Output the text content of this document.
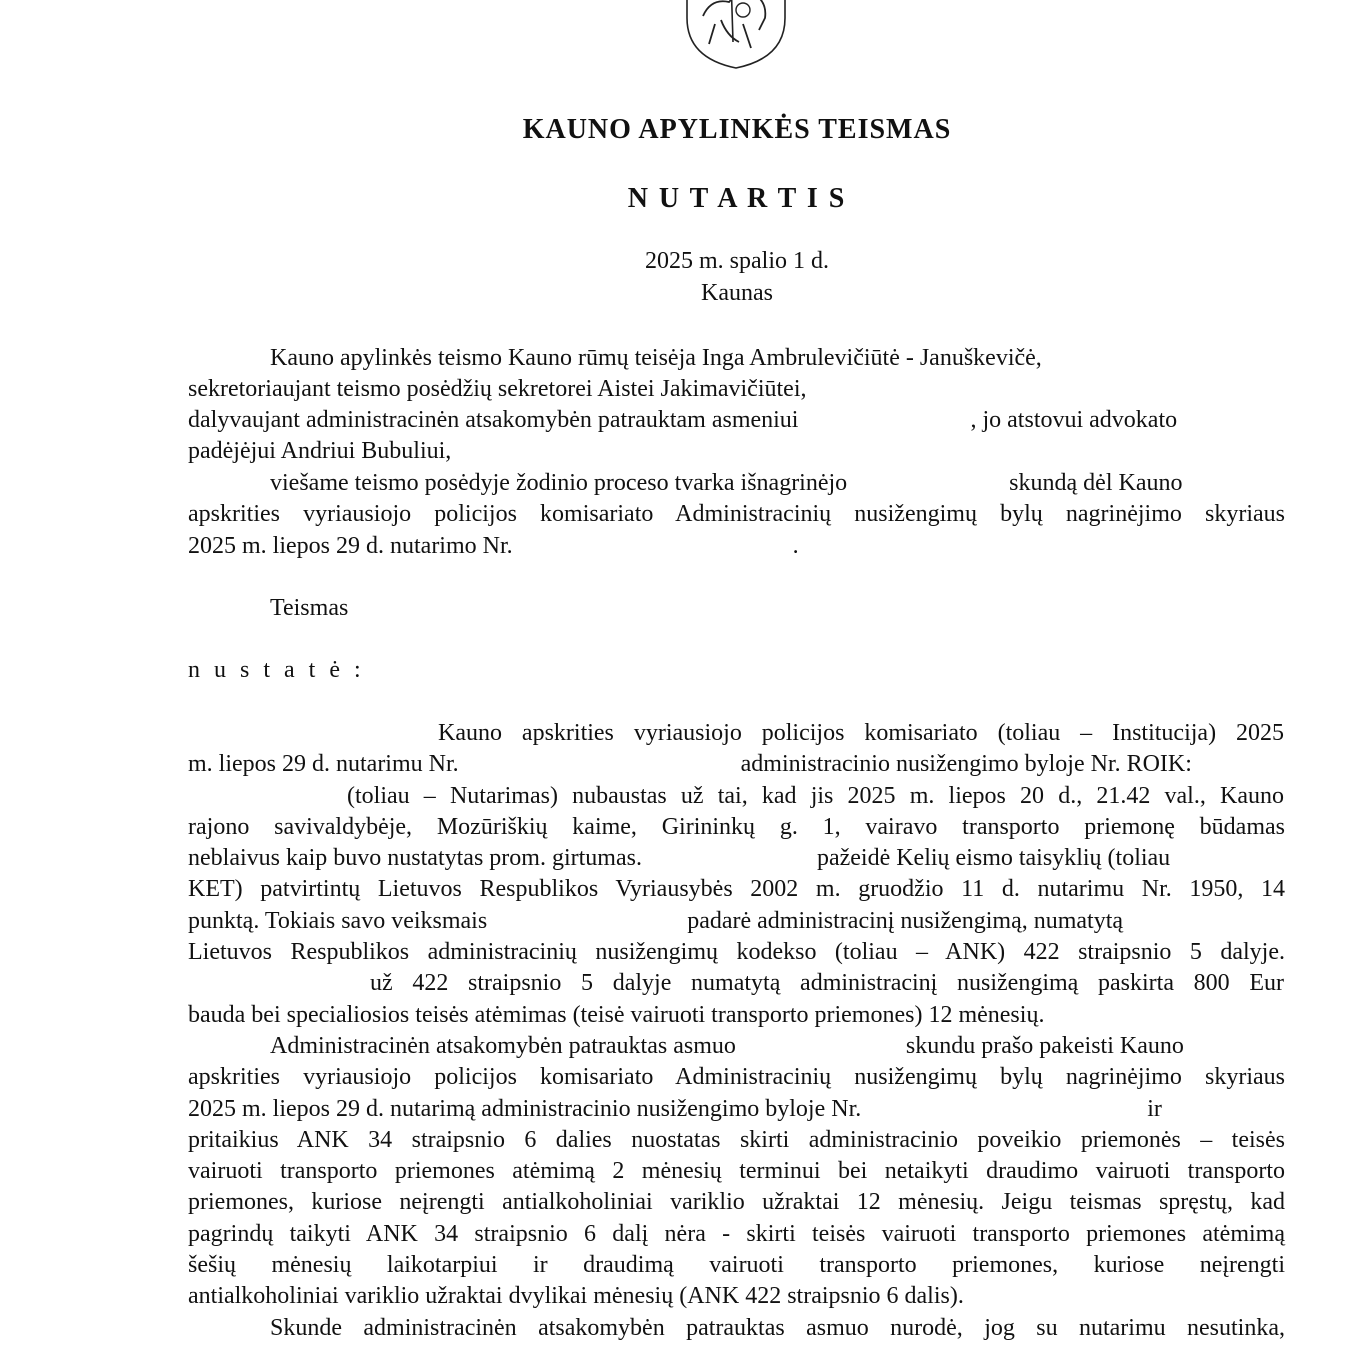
KAUNO APYLINKĖS TEISMAS
N U T A R T I S
2025 m. spalio 1 d.
Kaunas
Kauno apylinkės teismo Kauno rūmų teisėja Inga Ambrulevičiūtė - Januškevičė,
sekretoriaujant teismo posėdžių sekretorei Aistei Jakimavičiūtei,
dalyvaujant administracinėn atsakomybėn patrauktam asmeniui	, jo atstovui advokato
padėjėjui Andriui Bubuliui,
viešame teismo posėdyje žodinio proceso tvarka išnagrinėjo	skundą dėl Kauno
apskrities vyriausiojo policijos komisariato Administracinių nusižengimų bylų nagrinėjimo skyriaus
2025 m. liepos 29 d. nutarimo Nr.	.
Teismas
n u s t a t ė :
Kauno apskrities vyriausiojo policijos komisariato (toliau – Institucija) 2025
m. liepos 29 d. nutarimu Nr.	administracinio nusižengimo byloje Nr. ROIK:
(toliau – Nutarimas) nubaustas už tai, kad jis 2025 m. liepos 20 d., 21.42 val., Kauno
rajono savivaldybėje, Mozūriškių kaime, Girininkų g. 1, vairavo transporto priemonę būdamas
neblaivus kaip buvo nustatytas prom. girtumas.	pažeidė Kelių eismo taisyklių (toliau
KET) patvirtintų Lietuvos Respublikos Vyriausybės 2002 m. gruodžio 11 d. nutarimu Nr. 1950, 14
punktą. Tokiais savo veiksmais	padarė administracinį nusižengimą, numatytą
Lietuvos Respublikos administracinių nusižengimų kodekso (toliau – ANK) 422 straipsnio 5 dalyje.
už 422 straipsnio 5 dalyje numatytą administracinį nusižengimą paskirta 800 Eur
bauda bei specialiosios teisės atėmimas (teisė vairuoti transporto priemones) 12 mėnesių.
Administracinėn atsakomybėn patrauktas asmuo	skundu prašo pakeisti Kauno
apskrities vyriausiojo policijos komisariato Administracinių nusižengimų bylų nagrinėjimo skyriaus
2025 m. liepos 29 d. nutarimą administracinio nusižengimo byloje Nr.	ir
pritaikius ANK 34 straipsnio 6 dalies nuostatas skirti administracinio poveikio priemonės – teisės
vairuoti transporto priemones atėmimą 2 mėnesių terminui bei netaikyti draudimo vairuoti transporto
priemones, kuriose neįrengti antialkoholiniai variklio užraktai 12 mėnesių. Jeigu teismas spręstų, kad
pagrindų taikyti ANK 34 straipsnio 6 dalį nėra - skirti teisės vairuoti transporto priemones atėmimą
šešių mėnesių laikotarpiui ir draudimą vairuoti transporto priemones, kuriose neįrengti
antialkoholiniai variklio užraktai dvylikai mėnesių (ANK 422 straipsnio 6 dalis).
Skunde administracinėn atsakomybėn patrauktas asmuo nurodė, jog su nutarimu nesutinka,
